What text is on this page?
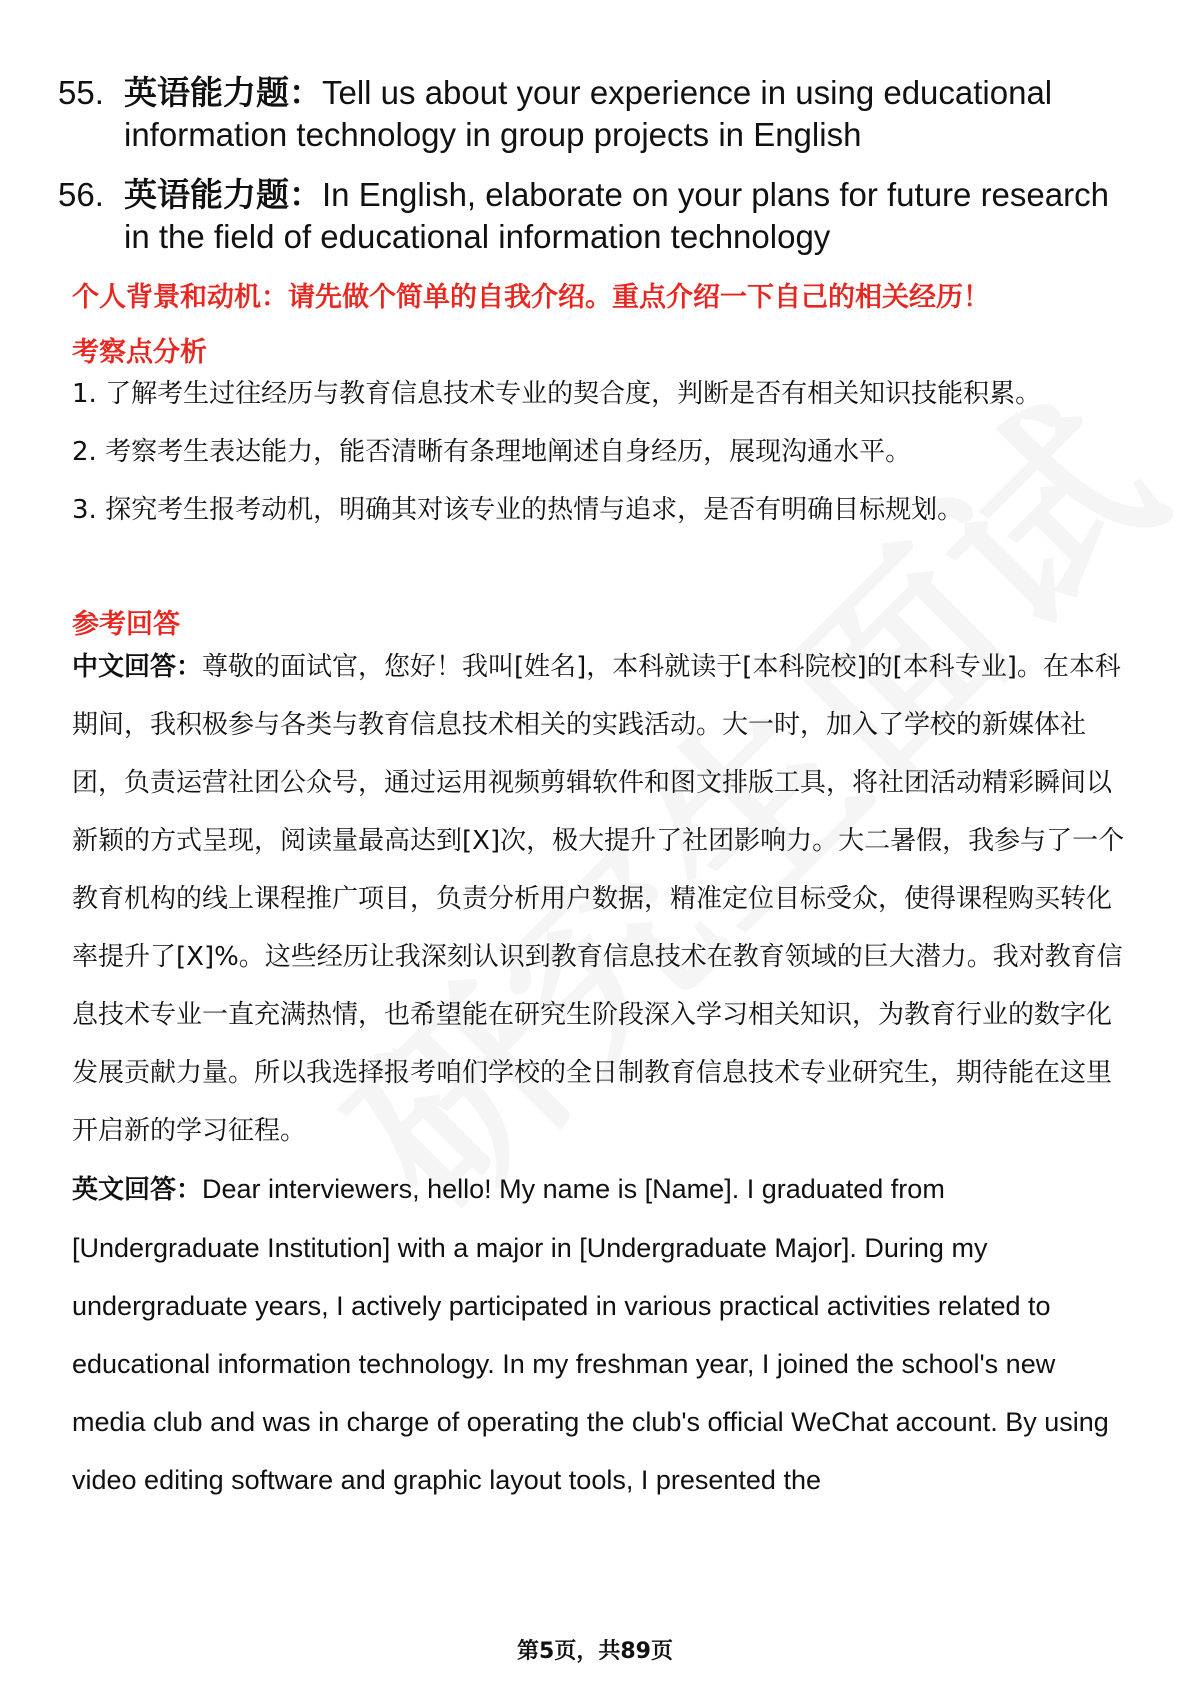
55. 英语能力题：Tell us about your experience in using educational information technology in group projects in English
56. 英语能力题：In English, elaborate on your plans for future research in the field of educational information technology
个人背景和动机：请先做个简单的自我介绍。重点介绍一下自己的相关经历！
考察点分析
1. 了解考生过往经历与教育信息技术专业的契合度，判断是否有相关知识技能积累。
2. 考察考生表达能力，能否清晰有条理地阐述自身经历，展现沟通水平。
3. 探究考生报考动机，明确其对该专业的热情与追求，是否有明确目标规划。
参考回答
中文回答：尊敬的面试官，您好！我叫[姓名]，本科就读于[本科院校]的[本科专业]。在本科期间，我积极参与各类与教育信息技术相关的实践活动。大一时，加入了学校的新媒体社团，负责运营社团公众号，通过运用视频剪辑软件和图文排版工具，将社团活动精彩瞬间以新颖的方式呈现，阅读量最高达到[X]次，极大提升了社团影响力。大二暑假，我参与了一个教育机构的线上课程推广项目，负责分析用户数据，精准定位目标受众，使得课程购买转化率提升了[X]%。这些经历让我深刻认识到教育信息技术在教育领域的巨大潜力。我对教育信息技术专业一直充满热情，也希望能在研究生阶段深入学习相关知识，为教育行业的数字化发展贡献力量。所以我选择报考咱们学校的全日制教育信息技术专业研究生，期待能在这里开启新的学习征程。
英文回答：Dear interviewers, hello! My name is [Name]. I graduated from [Undergraduate Institution] with a major in [Undergraduate Major]. During my undergraduate years, I actively participated in various practical activities related to educational information technology. In my freshman year, I joined the school's new media club and was in charge of operating the club's official WeChat account. By using video editing software and graphic layout tools, I presented the
第5页，共89页
